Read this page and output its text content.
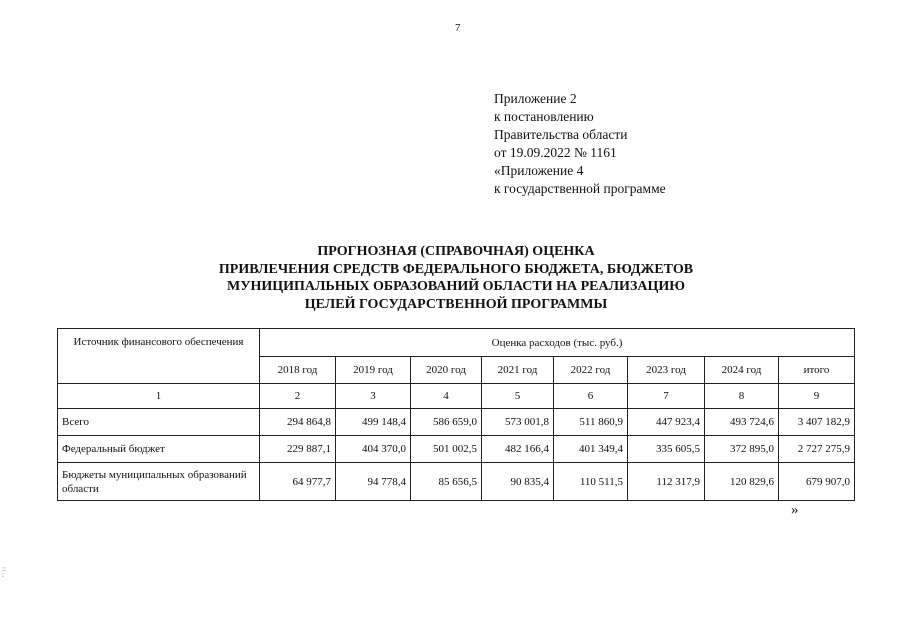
7
Приложение 2
к постановлению
Правительства области
от 19.09.2022 № 1161
«Приложение 4
к государственной программе
ПРОГНОЗНАЯ (СПРАВОЧНАЯ) ОЦЕНКА
ПРИВЛЕЧЕНИЯ СРЕДСТВ ФЕДЕРАЛЬНОГО БЮДЖЕТА, БЮДЖЕТОВ
МУНИЦИПАЛЬНЫХ ОБРАЗОВАНИЙ ОБЛАСТИ НА РЕАЛИЗАЦИЮ
ЦЕЛЕЙ ГОСУДАРСТВЕННОЙ ПРОГРАММЫ
Источник финансового обеспечения	Оценка расходов (тыс. руб.)							
	2018 год	2019 год	2020 год	2021 год	2022 год	2023 год	2024 год	итого
1	2	3	4	5	6	7	8	9
Всего	294 864,8	499 148,4	586 659,0	573 001,8	511 860,9	447 923,4	493 724,6	3 407 182,9
Федеральный бюджет	229 887,1	404 370,0	501 002,5	482 166,4	401 349,4	335 605,5	372 895,0	2 727 275,9
Бюджеты муниципальных образований области	64 977,7	94 778,4	85 656,5	90 835,4	110 511,5	112 317,9	120 829,6	679 907,0
»
::
:
